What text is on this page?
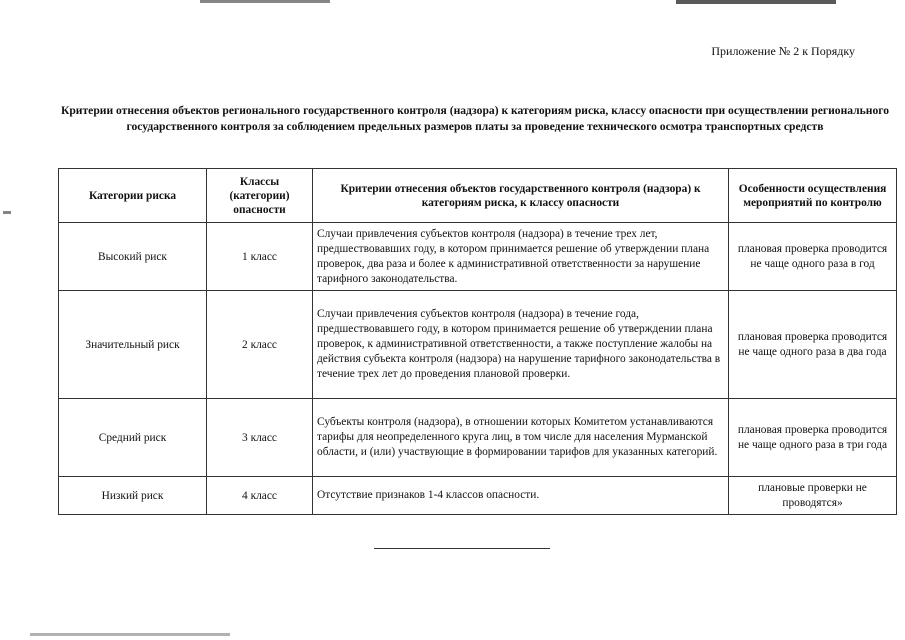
Приложение № 2 к Порядку
Критерии отнесения объектов регионального государственного контроля (надзора) к категориям риска, классу опасности при осуществлении регионального государственного контроля за соблюдением предельных размеров платы за проведение технического осмотра транспортных средств
Категории риска	Классы (категории) опасности	Критерии отнесения объектов государственного контроля (надзора) к категориям риска, к классу опасности	Особенности осуществления мероприятий по контролю
Высокий риск	1 класс	Случаи привлечения субъектов контроля (надзора) в течение трех лет, предшествовавших году, в котором принимается решение об утверждении плана проверок, два раза и более к административной ответственности за нарушение тарифного законодательства.	плановая проверка проводится не чаще одного раза в год
Значительный риск	2 класс	Случаи привлечения субъектов контроля (надзора) в течение года, предшествовавшего году, в котором принимается решение об утверждении плана проверок, к административной ответственности, а также поступление жалобы на действия субъекта контроля (надзора) на нарушение тарифного законодательства в течение трех лет до проведения плановой проверки.	плановая проверка проводится не чаще одного раза в два года
Средний риск	3 класс	Субъекты контроля (надзора), в отношении которых Комитетом устанавливаются тарифы для неопределенного круга лиц, в том числе для населения Мурманской области, и (или) участвующие в формировании тарифов для указанных категорий.	плановая проверка проводится не чаще одного раза в три года
Низкий риск	4 класс	Отсутствие признаков 1-4 классов опасности.	плановые проверки не проводятся»
